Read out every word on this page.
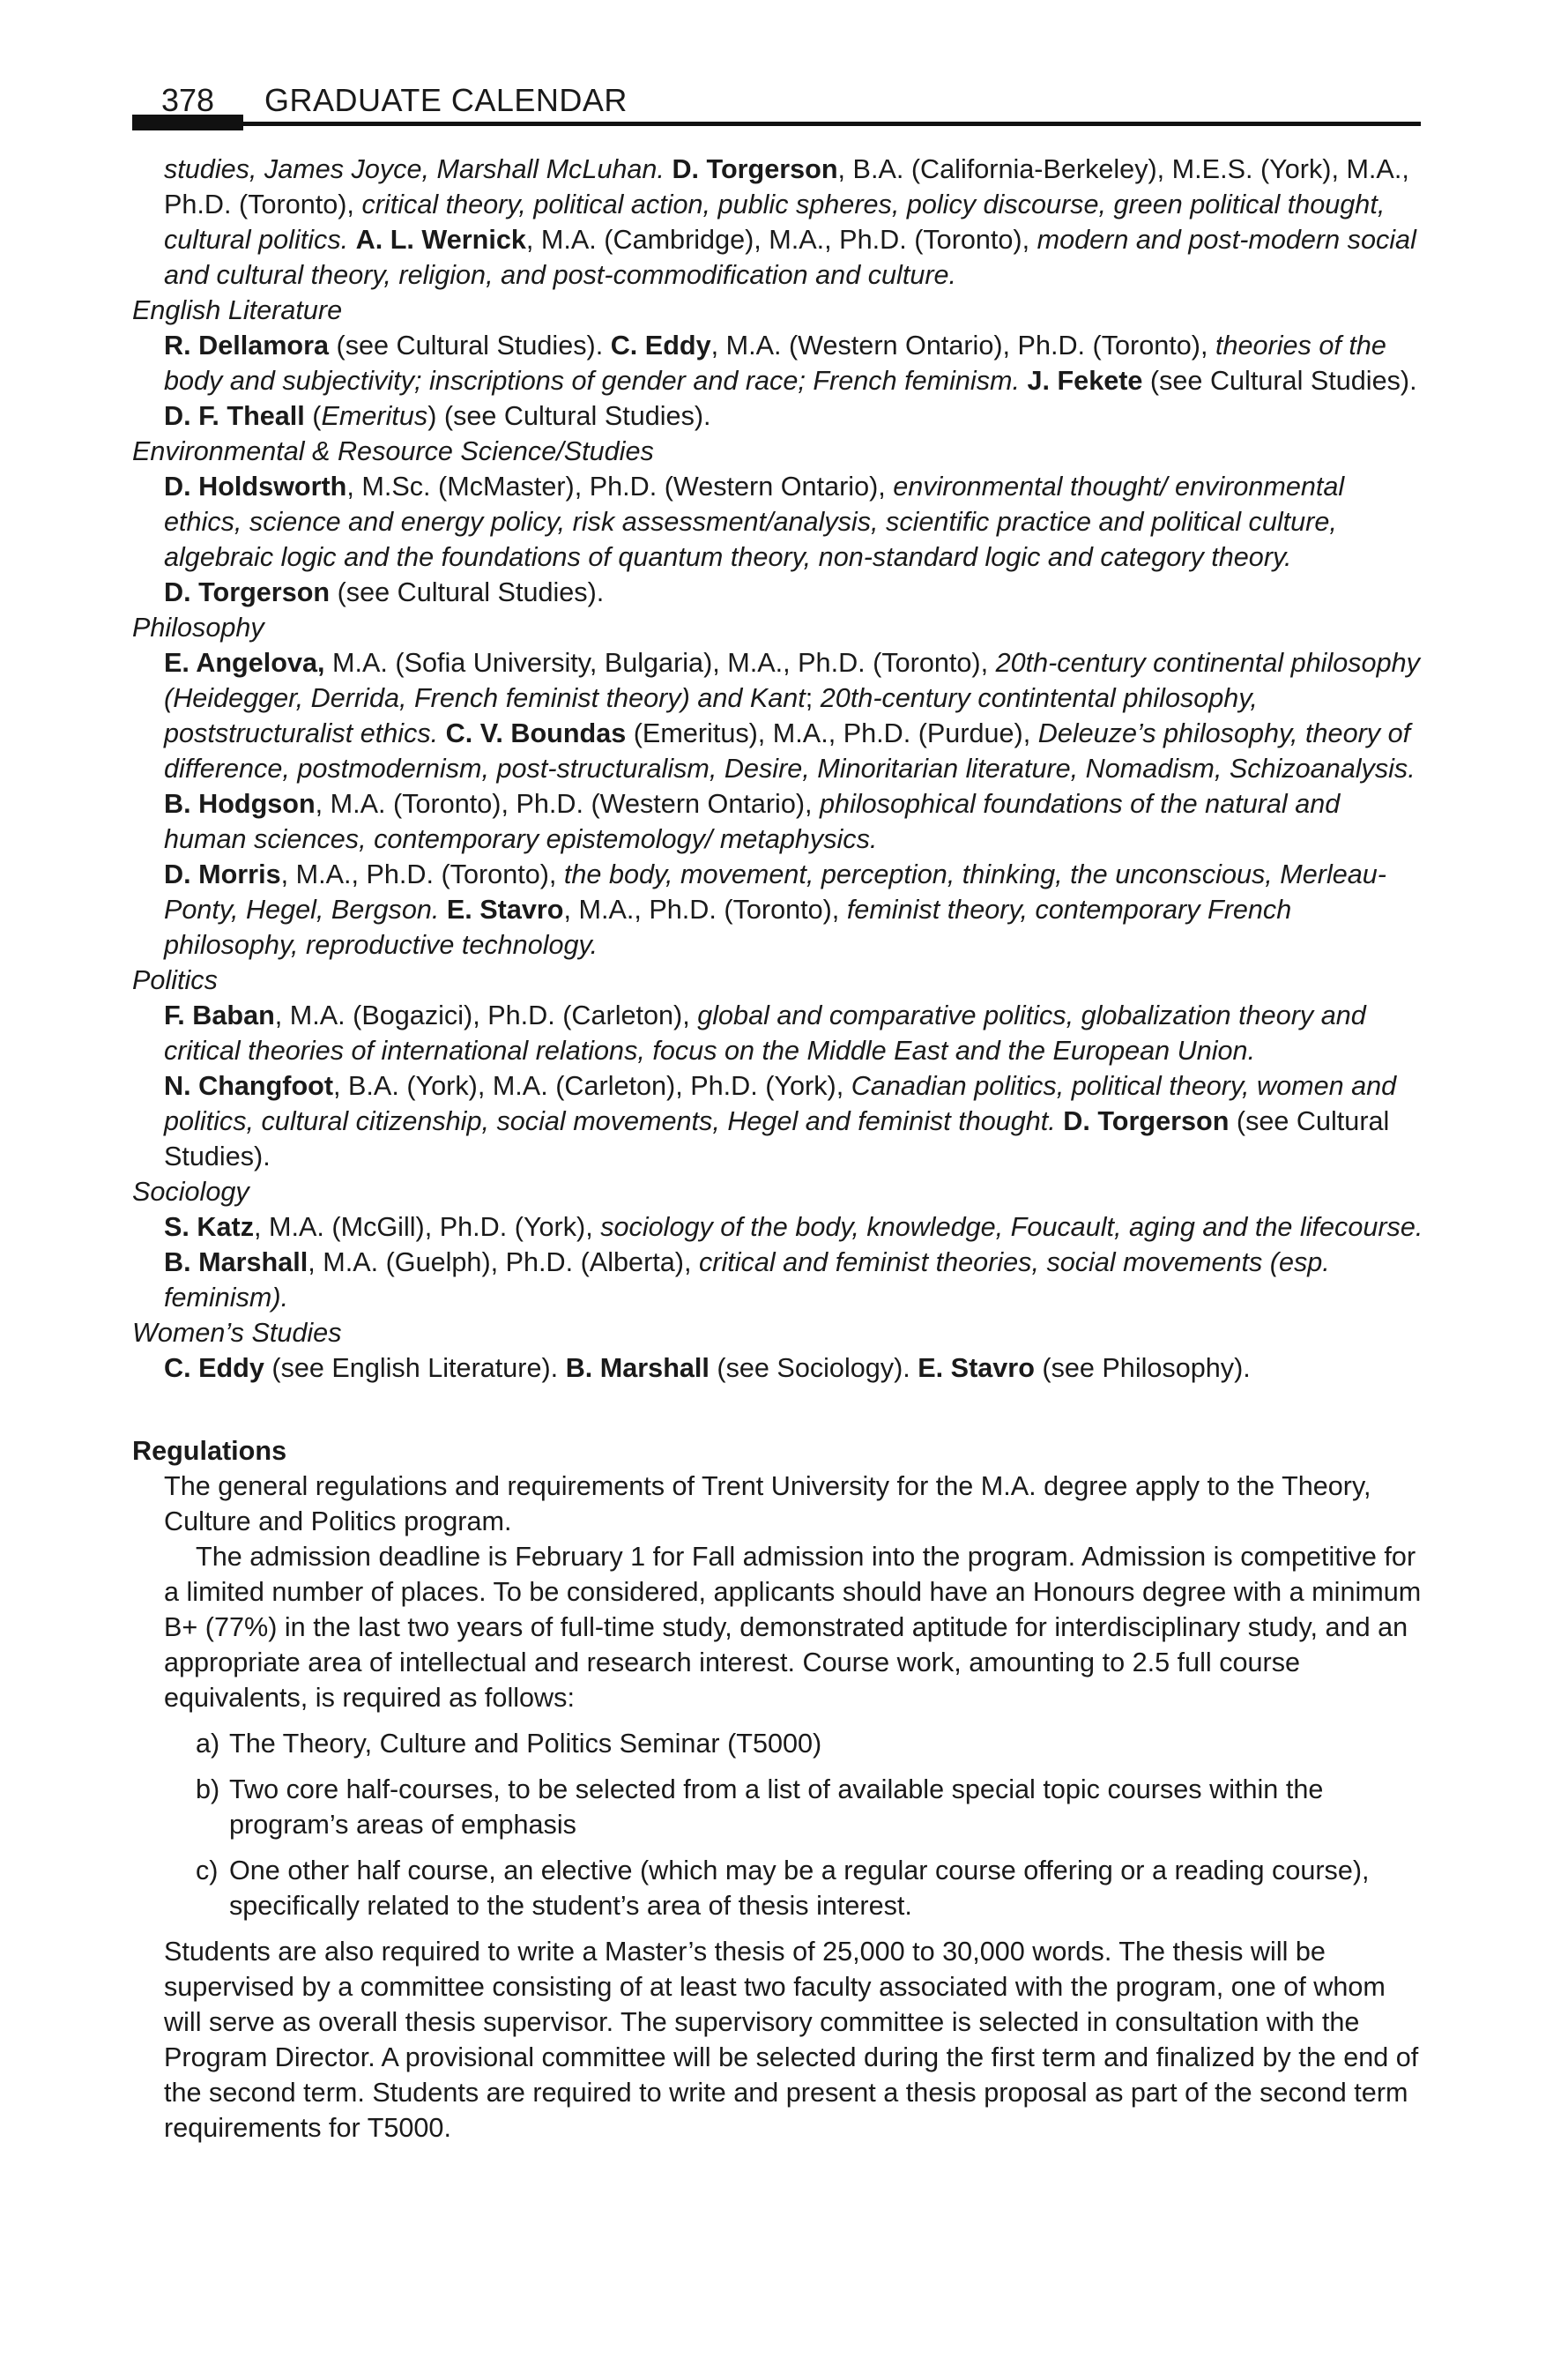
378 GRADUATE CALENDAR

studies, James Joyce, Marshall McLuhan. D. Torgerson, B.A. (California-Berkeley), M.E.S. (York), M.A., Ph.D. (Toronto), critical theory, political action, public spheres, policy discourse, green political thought, cultural politics. A. L. Wernick, M.A. (Cambridge), M.A., Ph.D. (Toronto), modern and post-modern social and cultural theory, religion, and post-commodification and culture.

English Literature

R. Dellamora (see Cultural Studies). C. Eddy, M.A. (Western Ontario), Ph.D. (Toronto), theories of the body and subjectivity; inscriptions of gender and race; French feminism. J. Fekete (see Cultural Studies). D. F. Theall (Emeritus) (see Cultural Studies).

Environmental & Resource Science/Studies

D. Holdsworth, M.Sc. (McMaster), Ph.D. (Western Ontario), environmental thought/ environmental ethics, science and energy policy, risk assessment/analysis, scientific practice and political culture, algebraic logic and the foundations of quantum theory, non-standard logic and category theory.

D. Torgerson (see Cultural Studies).

Philosophy

E. Angelova, M.A. (Sofia University, Bulgaria), M.A., Ph.D. (Toronto), 20th-century continental philosophy (Heidegger, Derrida, French feminist theory) and Kant; 20th-century contintental philosophy, poststructuralist ethics. C. V. Boundas (Emeritus), M.A., Ph.D. (Purdue), Deleuze’s philosophy, theory of difference, postmodernism, post-structuralism, Desire, Minoritarian literature, Nomadism, Schizoanalysis. B. Hodgson, M.A. (Toronto), Ph.D. (Western Ontario), philosophical foundations of the natural and human sciences, contemporary epistemology/ metaphysics.

D. Morris, M.A., Ph.D. (Toronto), the body, movement, perception, thinking, the unconscious, Merleau-Ponty, Hegel, Bergson. E. Stavro, M.A., Ph.D. (Toronto), feminist theory, contemporary French philosophy, reproductive technology.

Politics

F. Baban, M.A. (Bogazici), Ph.D. (Carleton), global and comparative politics, globalization theory and critical theories of international relations, focus on the Middle East and the European Union.

N. Changfoot, B.A. (York), M.A. (Carleton), Ph.D. (York), Canadian politics, political theory, women and politics, cultural citizenship, social movements, Hegel and feminist thought. D. Torgerson (see Cultural Studies).

Sociology

S. Katz, M.A. (McGill), Ph.D. (York), sociology of the body, knowledge, Foucault, aging and the lifecourse. B. Marshall, M.A. (Guelph), Ph.D. (Alberta), critical and feminist theories, social movements (esp. feminism).

Women’s Studies

C. Eddy (see English Literature). B. Marshall (see Sociology). E. Stavro (see Philosophy).

Regulations

The general regulations and requirements of Trent University for the M.A. degree apply to the Theory, Culture and Politics program.

The admission deadline is February 1 for Fall admission into the program. Admission is competitive for a limited number of places. To be considered, applicants should have an Honours degree with a minimum B+ (77%) in the last two years of full-time study, demonstrated aptitude for interdisciplinary study, and an appropriate area of intellectual and research interest. Course work, amounting to 2.5 full course equivalents, is required as follows:

a) The Theory, Culture and Politics Seminar (T5000)
b) Two core half-courses, to be selected from a list of available special topic courses within the program’s areas of emphasis
c) One other half course, an elective (which may be a regular course offering or a reading course), specifically related to the student’s area of thesis interest.

Students are also required to write a Master’s thesis of 25,000 to 30,000 words. The thesis will be supervised by a committee consisting of at least two faculty associated with the program, one of whom will serve as overall thesis supervisor. The supervisory committee is selected in consultation with the Program Director. A provisional committee will be selected during the first term and finalized by the end of the second term. Students are required to write and present a thesis proposal as part of the second term requirements for T5000.
